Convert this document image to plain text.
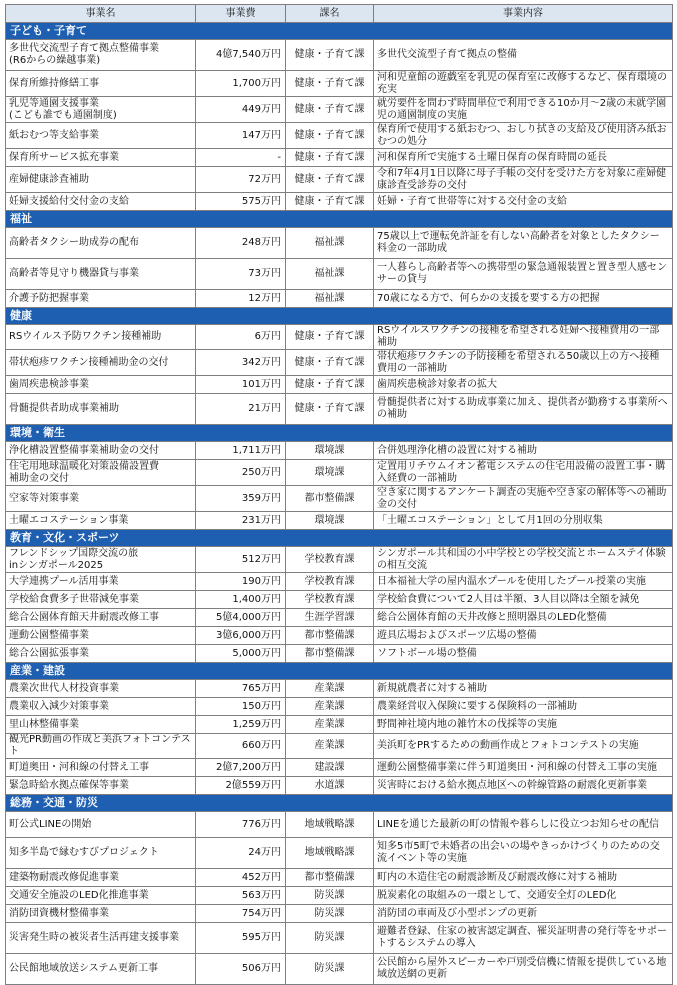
事業名	事業費	課名	事業内容
子ども・子育て			
多世代交流型子育て拠点整備事業
(R6からの繰越事業)	4億7,540万円	健康・子育て課	多世代交流型子育て拠点の整備
保育所維持修繕工事	1,700万円	健康・子育て課	河和児童館の遊戯室を乳児の保育室に改修するなど、保育環境の充実
乳児等通園支援事業
(こども誰でも通園制度)	449万円	健康・子育て課	就労要件を問わず時間単位で利用できる10か月～2歳の未就学園児の通園制度の実施
紙おむつ等支給事業	147万円	健康・子育て課	保育所で使用する紙おむつ、おしり拭きの支給及び使用済み紙おむつの処分
保育所サービス拡充事業	-	健康・子育て課	河和保育所で実施する土曜日保育の保育時間の延長
産婦健康診査補助	72万円	健康・子育て課	令和7年4月1日以降に母子手帳の交付を受けた方を対象に産婦健康診査受診券の交付
妊婦支援給付交付金の支給	575万円	健康・子育て課	妊婦・子育て世帯等に対する交付金の支給
福祉			
高齢者タクシー助成券の配布	248万円	福祉課	75歳以上で運転免許証を有しない高齢者を対象としたタクシー料金の一部助成
高齢者等見守り機器貸与事業	73万円	福祉課	一人暮らし高齢者等への携帯型の緊急通報装置と置き型人感センサーの貸与
介護予防把握事業	12万円	福祉課	70歳になる方で、何らかの支援を要する方の把握
健康			
RSウイルス予防ワクチン接種補助	6万円	健康・子育て課	RSウイルスワクチンの接種を希望される妊婦へ接種費用の一部補助
帯状疱疹ワクチン接種補助金の交付	342万円	健康・子育て課	帯状疱疹ワクチンの予防接種を希望される50歳以上の方へ接種費用の一部補助
歯周疾患検診事業	101万円	健康・子育て課	歯周疾患検診対象者の拡大
骨髄提供者助成事業補助	21万円	健康・子育て課	骨髄提供者に対する助成事業に加え、提供者が勤務する事業所への補助
環境・衛生			
浄化槽設置整備事業補助金の交付	1,711万円	環境課	合併処理浄化槽の設置に対する補助
住宅用地球温暖化対策設備設置費
補助金の交付	250万円	環境課	定置用リチウムイオン蓄電システムの住宅用設備の設置工事・購入経費の一部補助
空家等対策事業	359万円	都市整備課	空き家に関するアンケート調査の実施や空き家の解体等への補助金の交付
土曜エコステーション事業	231万円	環境課	「土曜エコステーション」として月1回の分別収集
教育・文化・スポーツ			
フレンドシップ国際交流の旅
inシンガポール2025	512万円	学校教育課	シンガポール共和国の小中学校との学校交流とホームステイ体験の相互交流
大学連携プール活用事業	190万円	学校教育課	日本福祉大学の屋内温水プールを使用したプール授業の実施
学校給食費多子世帯減免事業	1,400万円	学校教育課	学校給食費について2人目は半額、3人目以降は全額を減免
総合公園体育館天井耐震改修工事	5億4,000万円	生涯学習課	総合公園体育館の天井改修と照明器具のLED化整備
運動公園整備事業	3億6,000万円	都市整備課	遊具広場およびスポーツ広場の整備
総合公園拡張事業	5,000万円	都市整備課	ソフトボール場の整備
産業・建設			
農業次世代人材投資事業	765万円	産業課	新規就農者に対する補助
農業収入減少対策事業	150万円	産業課	農業経営収入保険に要する保険料の一部補助
里山林整備事業	1,259万円	産業課	野間神社境内地の雑竹木の伐採等の実施
観光PR動画の作成と美浜フォトコンテスト	660万円	産業課	美浜町をPRするための動画作成とフォトコンテストの実施
町道奥田・河和線の付替え工事	2億7,200万円	建設課	運動公園整備事業に伴う町道奥田・河和線の付替え工事の実施
緊急時給水拠点確保等事業	2億559万円	水道課	災害時における給水拠点地区への幹線管路の耐震化更新事業
総務・交通・防災			
町公式LINEの開始	776万円	地域戦略課	LINEを通じた最新の町の情報や暮らしに役立つお知らせの配信
知多半島で縁むすびプロジェクト	24万円	地域戦略課	知多5市5町で未婚者の出会いの場やきっかけづくりのための交流イベント等の実施
建築物耐震改修促進事業	452万円	都市整備課	町内の木造住宅の耐震診断及び耐震改修に対する補助
交通安全施設のLED化推進事業	563万円	防災課	脱炭素化の取組みの一環として、交通安全灯のLED化
消防団資機材整備事業	754万円	防災課	消防団の車両及び小型ポンプの更新
災害発生時の被災者生活再建支援事業	595万円	防災課	避難者登録、住家の被害認定調査、罹災証明書の発行等をサポートするシステムの導入
公民館地域放送システム更新工事	506万円	防災課	公民館から屋外スピーカーや戸別受信機に情報を提供している地域放送網の更新
